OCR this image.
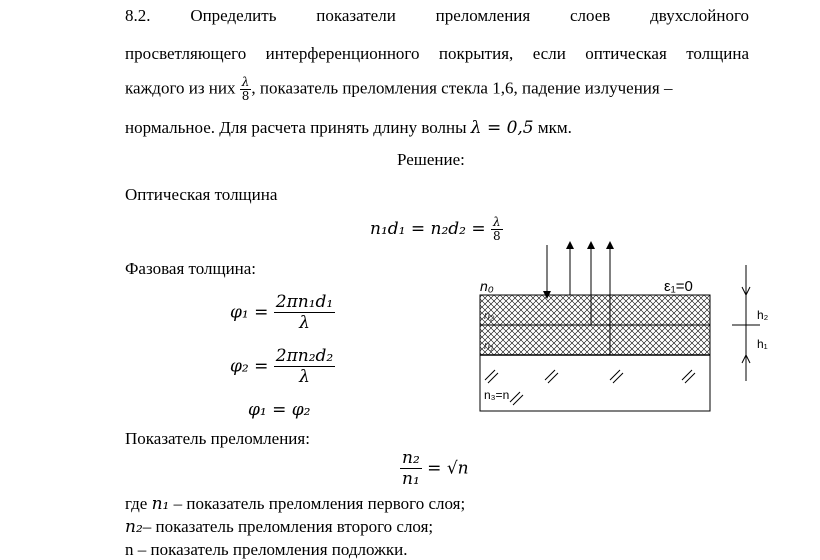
8.2. Определить показатели преломления слоев двухслойного
просветляющего интерференционного покрытия, если оптическая толщина
каждого из них $\frac{\lambda}{8}$ , показатель преломления стекла 1,6, падение излучения –
нормальное. Для расчета принять длину волны λ = 0,5 мкм.
Решение:
Оптическая толщина
$n_1d_1 = n_2d_2 = \frac{\lambda}{8}$
Фазовая толщина:
$\varphi_1 = \frac{\text{2πn₁d₁}}{\lambda}$
$\varphi_2 = \frac{\text{2πn₂d₂}}{\lambda}$
φ₁ = φ₂
Показатель преломления:
$\frac{\text{n₂}}{\text{n₁}} = √n$
где n₁ – показатель преломления первого слоя;
n₂– показатель преломления второго слоя;
n – показатель преломления подложки.
n₀
n₂
n₁
n₃=n
ε₁=0
h₂
h₁
